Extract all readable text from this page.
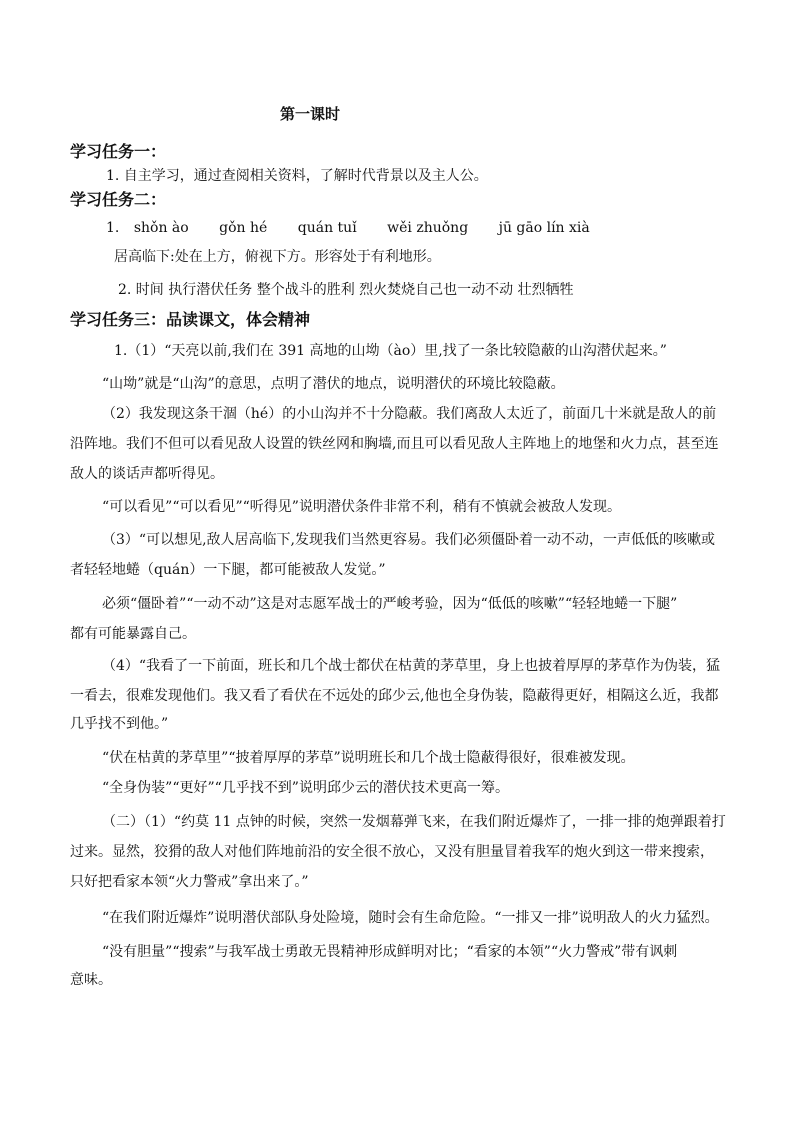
第一课时
学习任务一：
1. 自主学习，通过查阅相关资料，了解时代背景以及主人公。
学习任务二：
1. shǒn ào gǒn hé quán tuǐ wěi zhuǒng jū gāo lín xià
居高临下:处在上方，俯视下方。形容处于有利地形。
2. 时间 执行潜伏任务 整个战斗的胜利 烈火焚烧自己也一动不动 壮烈牺牲
学习任务三：品读课文，体会精神
1.（1）“天亮以前,我们在 391 高地的山坳（ào）里,找了一条比较隐蔽的山沟潜伏起来。”
“山坳”就是“山沟”的意思，点明了潜伏的地点，说明潜伏的环境比较隐蔽。
（2）我发现这条干涸（hé）的小山沟并不十分隐蔽。我们离敌人太近了，前面几十米就是敌人的前
沿阵地。我们不但可以看见敌人设置的铁丝网和胸墙,而且可以看见敌人主阵地上的地堡和火力点，甚至连
敌人的谈话声都听得见。
“可以看见”“可以看见”“听得见”说明潜伏条件非常不利，稍有不慎就会被敌人发现。
（3）“可以想见,敌人居高临下,发现我们当然更容易。我们必须僵卧着一动不动，一声低低的咳嗽或
者轻轻地蜷（quán）一下腿，都可能被敌人发觉。”
必须“僵卧着”“一动不动”这是对志愿军战士的严峻考验，因为“低低的咳嗽”“轻轻地蜷一下腿”
都有可能暴露自己。
（4）“我看了一下前面，班长和几个战士都伏在枯黄的茅草里，身上也披着厚厚的茅草作为伪装，猛
一看去，很难发现他们。我又看了看伏在不远处的邱少云,他也全身伪装，隐蔽得更好，相隔这么近，我都
几乎找不到他。”
“伏在枯黄的茅草里”“披着厚厚的茅草”说明班长和几个战士隐蔽得很好，很难被发现。
“全身伪装”“更好”“几乎找不到”说明邱少云的潜伏技术更高一筹。
（二）（1）“约莫 11 点钟的时候，突然一发烟幕弹飞来，在我们附近爆炸了，一排一排的炮弹跟着打
过来。显然，狡猾的敌人对他们阵地前沿的安全很不放心，又没有胆量冒着我军的炮火到这一带来搜索，
只好把看家本领“火力警戒”拿出来了。”
“在我们附近爆炸”说明潜伏部队身处险境，随时会有生命危险。“一排又一排”说明敌人的火力猛烈。
“没有胆量”“搜索”与我军战士勇敢无畏精神形成鲜明对比；“看家的本领”“火力警戒”带有讽刺
意味。
